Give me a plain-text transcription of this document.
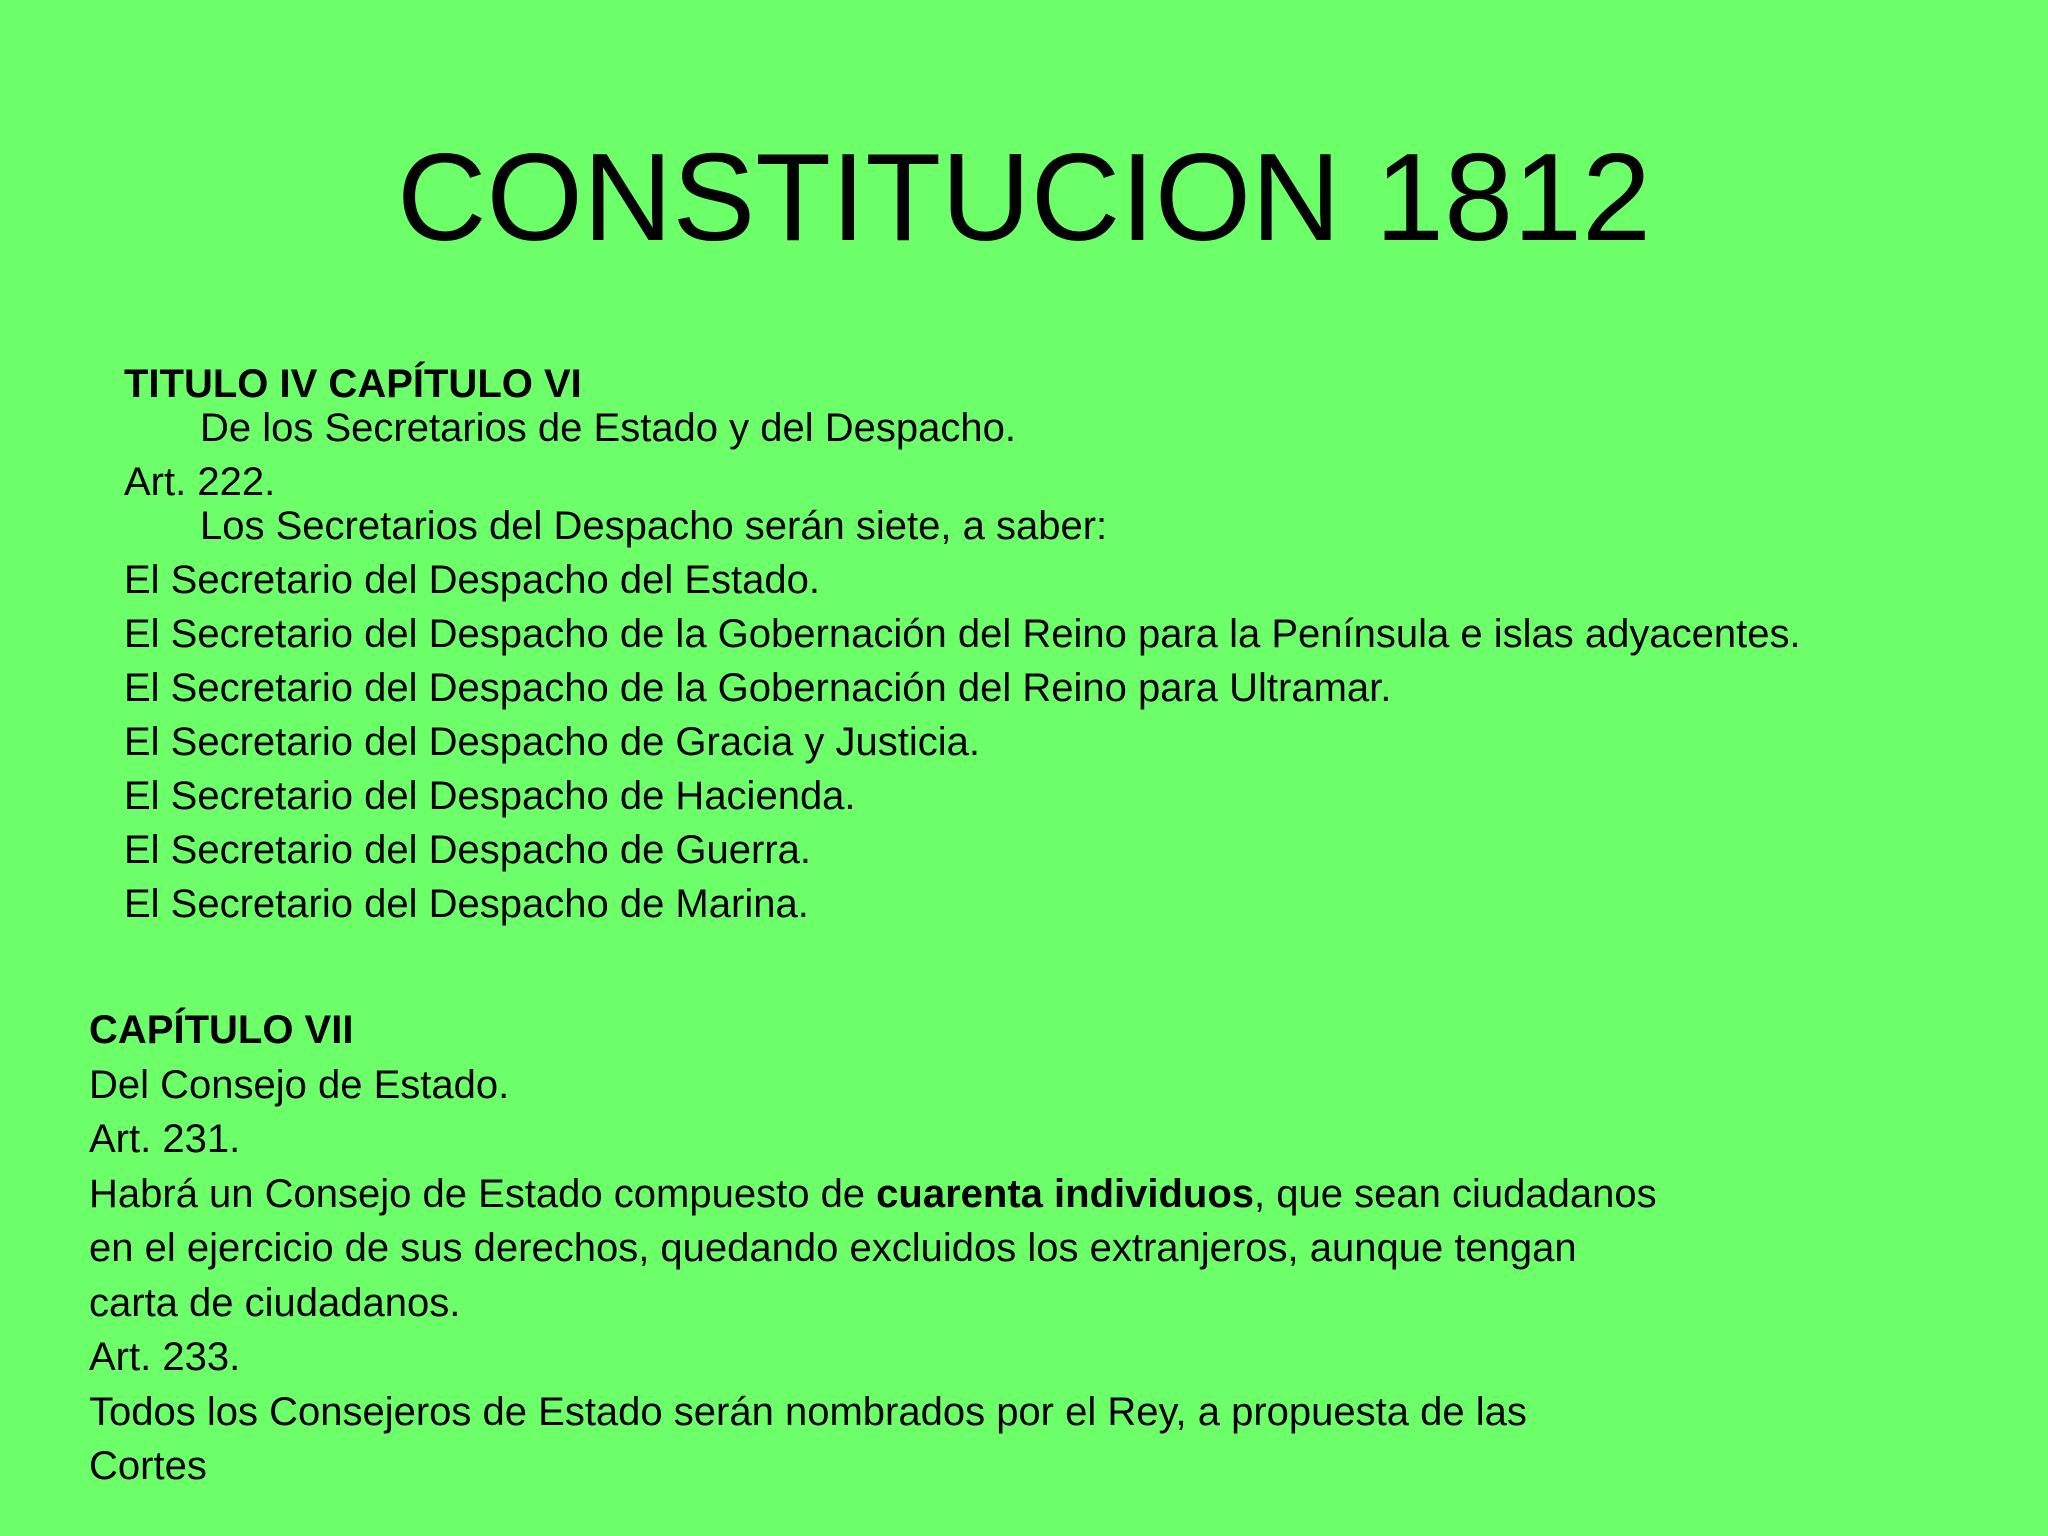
CONSTITUCION 1812
TITULO IV CAPÍTULO VI
De los Secretarios de Estado y del Despacho.
Art. 222.
Los Secretarios del Despacho serán siete, a saber:
El Secretario del Despacho del Estado.
El Secretario del Despacho de la Gobernación del Reino para la Península e islas adyacentes.
El Secretario del Despacho de la Gobernación del Reino para Ultramar.
El Secretario del Despacho de Gracia y Justicia.
El Secretario del Despacho de Hacienda.
El Secretario del Despacho de Guerra.
El Secretario del Despacho de Marina.
CAPÍTULO VII
Del Consejo de Estado.
Art. 231.
Habrá un Consejo de Estado compuesto de cuarenta individuos, que sean ciudadanos
en el ejercicio de sus derechos, quedando excluidos los extranjeros, aunque tengan
carta de ciudadanos.
Art. 233.
Todos los Consejeros de Estado serán nombrados por el Rey, a propuesta de las
Cortes
